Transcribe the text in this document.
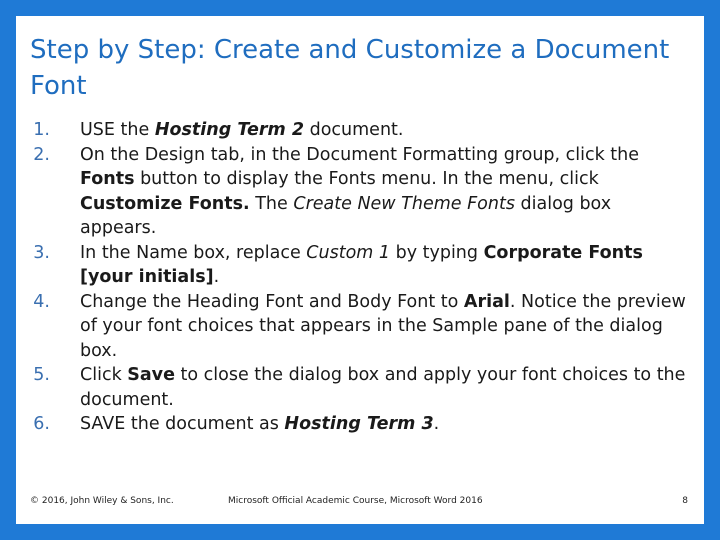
Step by Step: Create and Customize a Document Font
1. USE the Hosting Term 2 document.
2. On the Design tab, in the Document Formatting group, click the Fonts button to display the Fonts menu. In the menu, click Customize Fonts. The Create New Theme Fonts dialog box appears.
3. In the Name box, replace Custom 1 by typing Corporate Fonts [your initials].
4. Change the Heading Font and Body Font to Arial. Notice the preview of your font choices that appears in the Sample pane of the dialog box.
5. Click Save to close the dialog box and apply your font choices to the document.
6. SAVE the document as Hosting Term 3.
© 2016, John Wiley & Sons, Inc.	Microsoft Official Academic Course, Microsoft Word 2016	8
